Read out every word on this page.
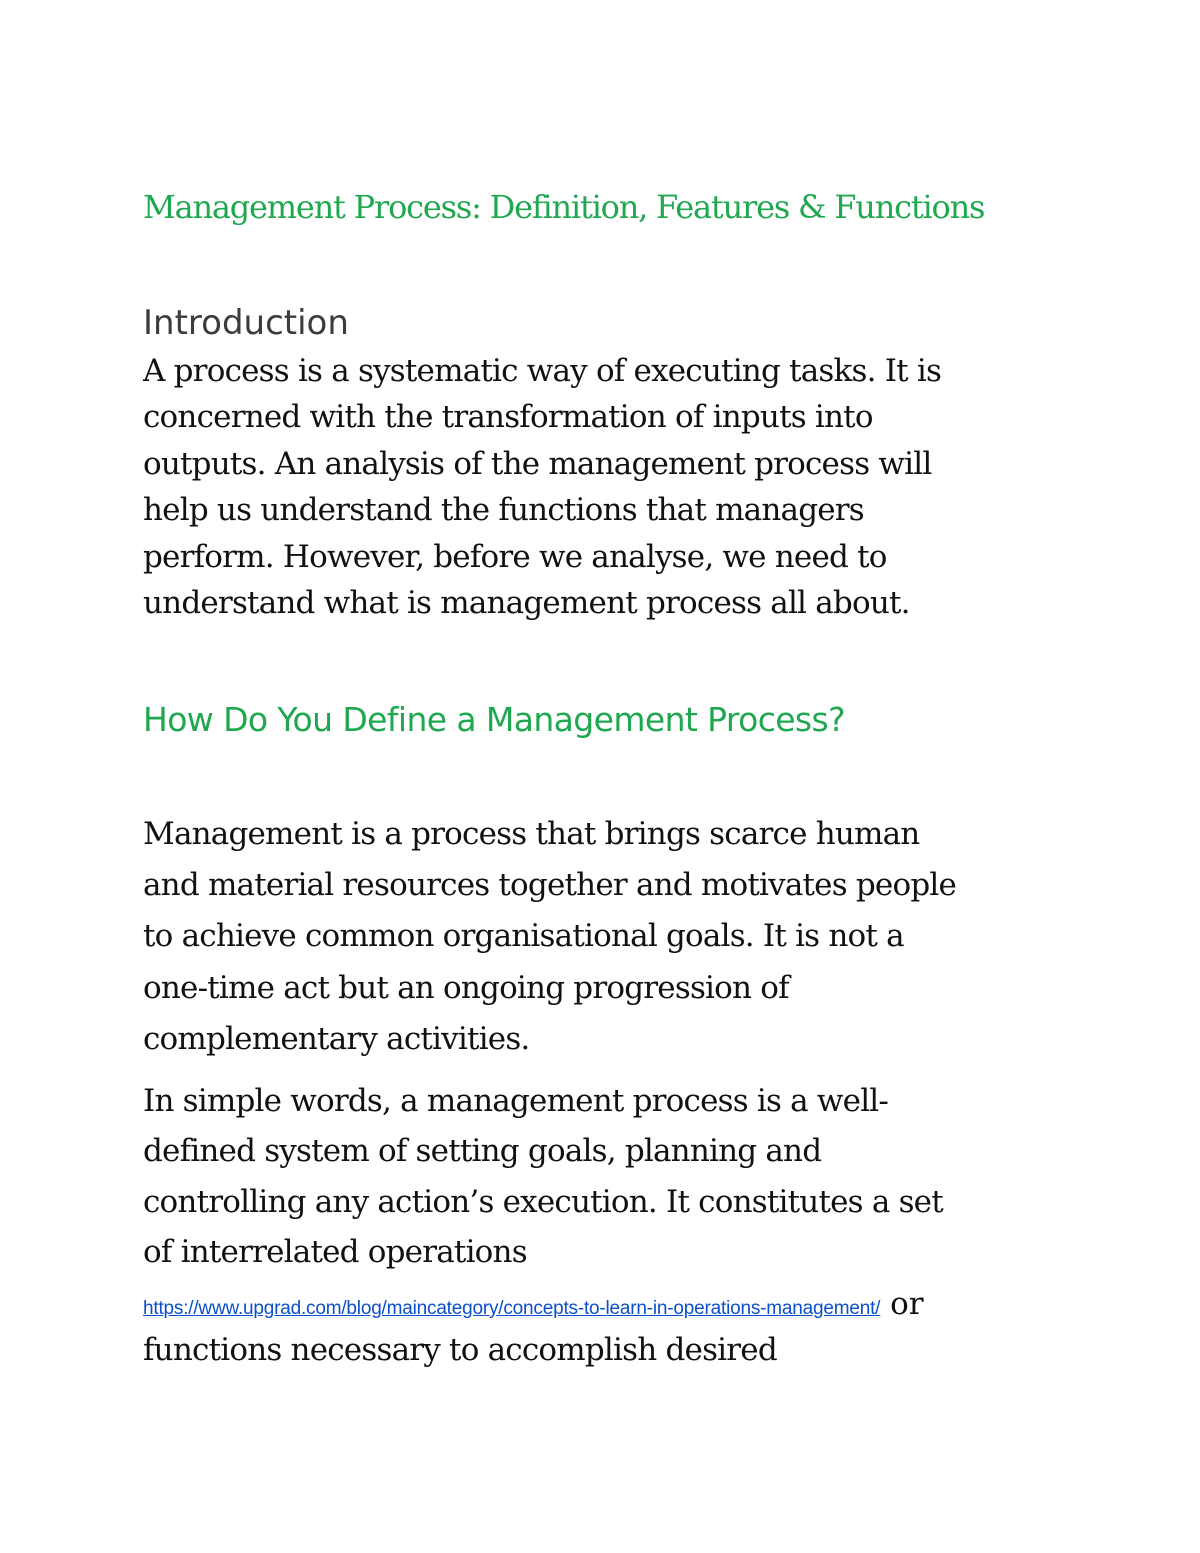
Management Process: Definition, Features & Functions
Introduction

A process is a systematic way of executing tasks. It is
concerned with the transformation of inputs into
outputs. An analysis of the management process will
help us understand the functions that managers
perform. However, before we analyse, we need to
understand what is management process all about.

How Do You Define a Management Process?

Management is a process that brings scarce human
and material resources together and motivates people
to achieve common organisational goals. It is not a
one-time act but an ongoing progression of
complementary activities.

In simple words, a management process is a well-
defined system of setting goals, planning and
controlling any action’s execution. It constitutes a set
of interrelated operations

https://www.upgrad.com/blog/maincategory/concepts-to-learn-in-operations-management/ or

functions necessary to accomplish desired
